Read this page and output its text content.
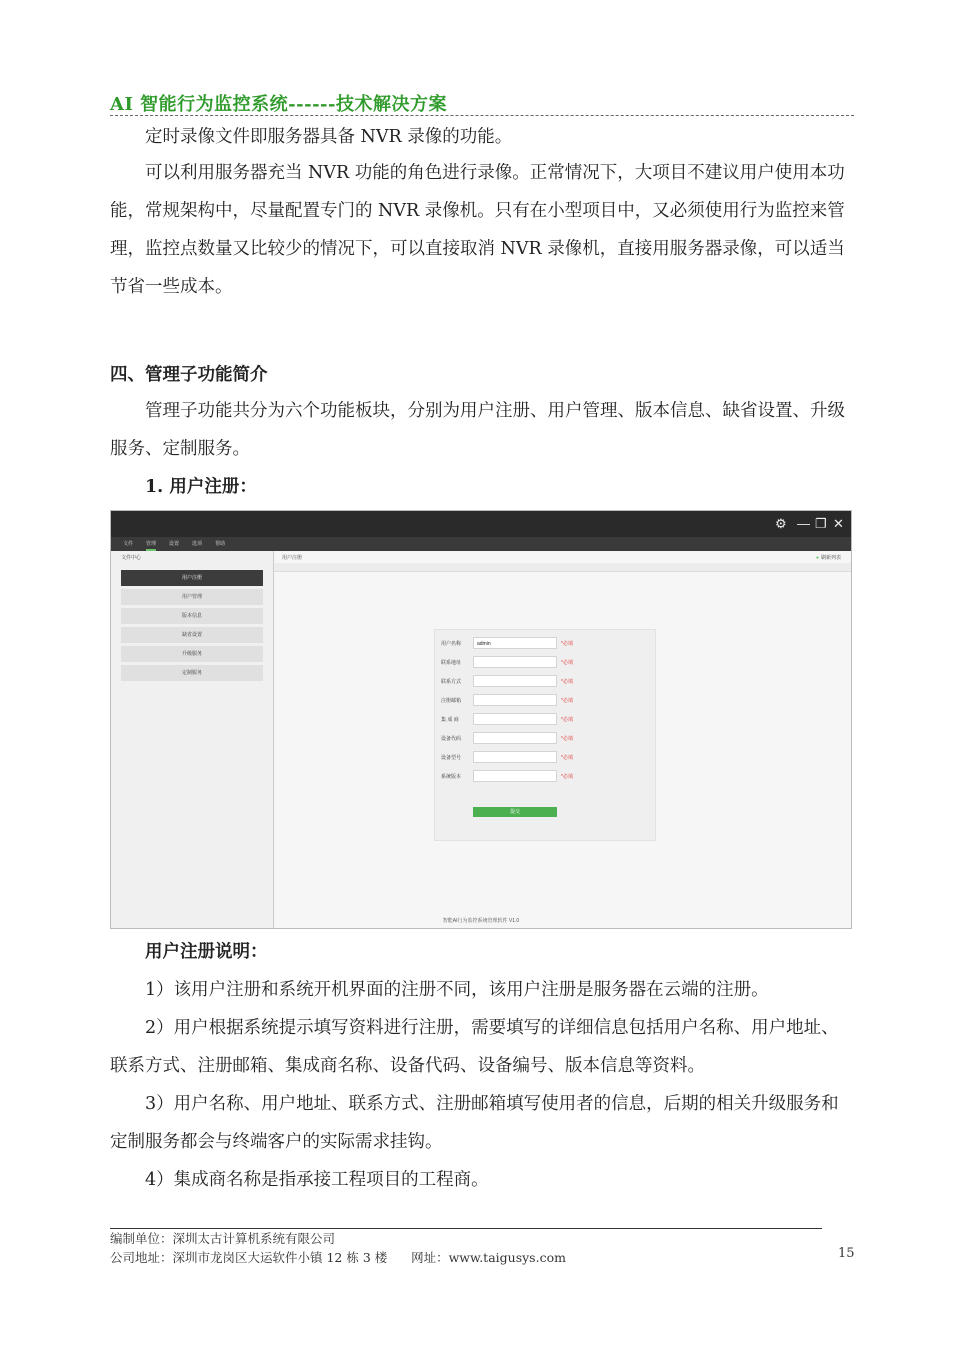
AI 智能行为监控系统------技术解决方案

定时录像文件即服务器具备 NVR 录像的功能。

可以利用服务器充当 NVR 功能的角色进行录像。正常情况下，大项目不建议用户使用本功能，常规架构中，尽量配置专门的 NVR 录像机。只有在小型项目中，又必须使用行为监控来管理，监控点数量又比较少的情况下，可以直接取消 NVR 录像机，直接用服务器录像，可以适当节省一些成本。

四、管理子功能简介

管理子功能共分为六个功能板块，分别为用户注册、用户管理、版本信息、缺省设置、升级服务、定制服务。

1. 用户注册：

⚙ — ❐ ✕
文件	管理	设置	选项	帮助
文件中心
用户注册
用户管理
版本信息
缺省设置
升级服务
定制服务
用户注册
●	刷新列表
用户名称	admin	*必填
联系地址	*必填
联系方式	*必填
注册邮箱	*必填
集 成 商	*必填
设备代码	*必填
设备型号	*必填
系统版本	*必填
提交
智能AI行为监控系统管理软件 V1.0

用户注册说明：

1）该用户注册和系统开机界面的注册不同，该用户注册是服务器在云端的注册。

2）用户根据系统提示填写资料进行注册，需要填写的详细信息包括用户名称、用户地址、联系方式、注册邮箱、集成商名称、设备代码、设备编号、版本信息等资料。

3）用户名称、用户地址、联系方式、注册邮箱填写使用者的信息，后期的相关升级服务和定制服务都会与终端客户的实际需求挂钩。

4）集成商名称是指承接工程项目的工程商。

编制单位：深圳太古计算机系统有限公司
公司地址：深圳市龙岗区大运软件小镇 12 栋 3 楼      网址：www.taigusys.com	15
